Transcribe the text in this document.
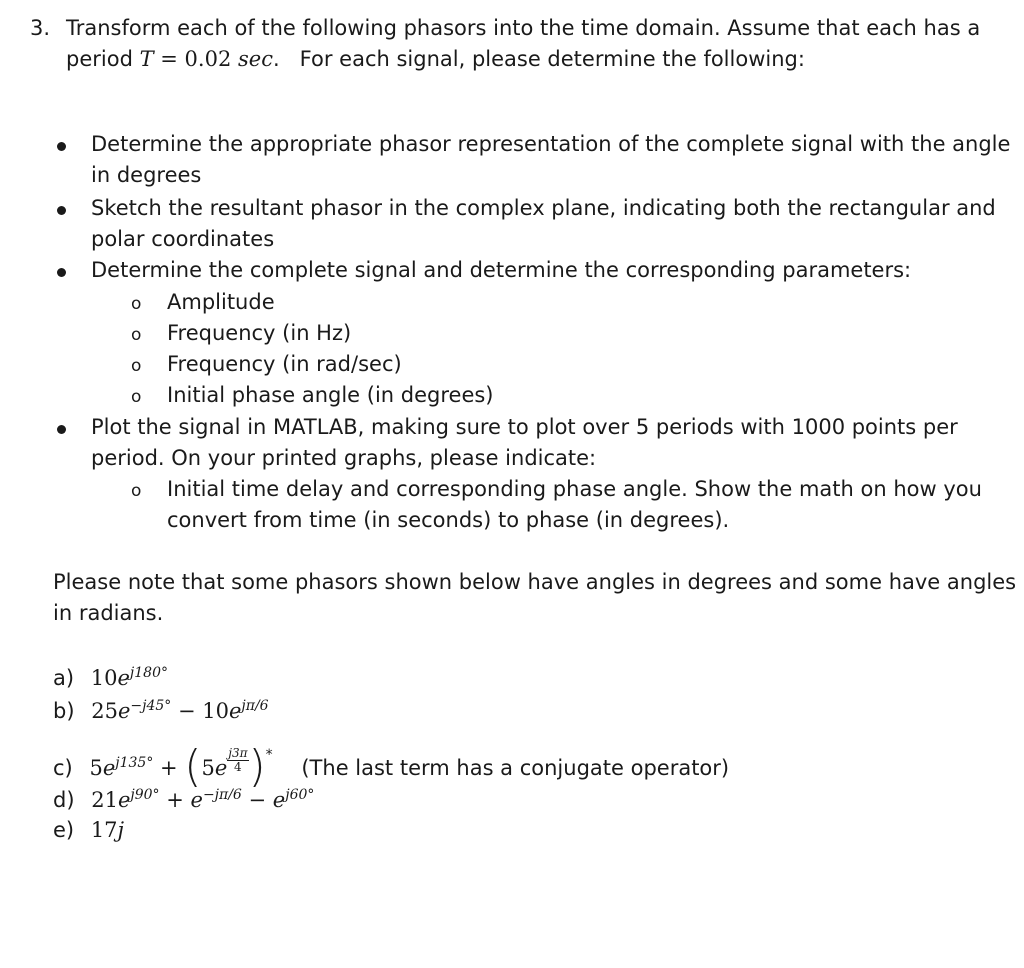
3. Transform each of the following phasors into the time domain. Assume that each has a
period T = 0.02 sec.   For each signal, please determine the following:
Determine the appropriate phasor representation of the complete signal with the angle
in degrees
Sketch the resultant phasor in the complex plane, indicating both the rectangular and
polar coordinates
Determine the complete signal and determine the corresponding parameters:
o Amplitude
o Frequency (in Hz)
o Frequency (in rad/sec)
o Initial phase angle (in degrees)
Plot the signal in MATLAB, making sure to plot over 5 periods with 1000 points per
period. On your printed graphs, please indicate:
o Initial time delay and corresponding phase angle. Show the math on how you
convert from time (in seconds) to phase (in degrees).
Please note that some phasors shown below have angles in degrees and some have angles
in radians.
a) $10e^{j180^\circ}$
b) $25e^{-j45^\circ} - 10e^{j\pi/6}$
c) $5e^{j135^\circ} + (5e \frac{j3\pi}{4} )^*$ (The last term has a conjugate operator)
d) $21e^{j90^\circ} + e^{-j\pi/6} - e^{j60^\circ}$
e) 17j
